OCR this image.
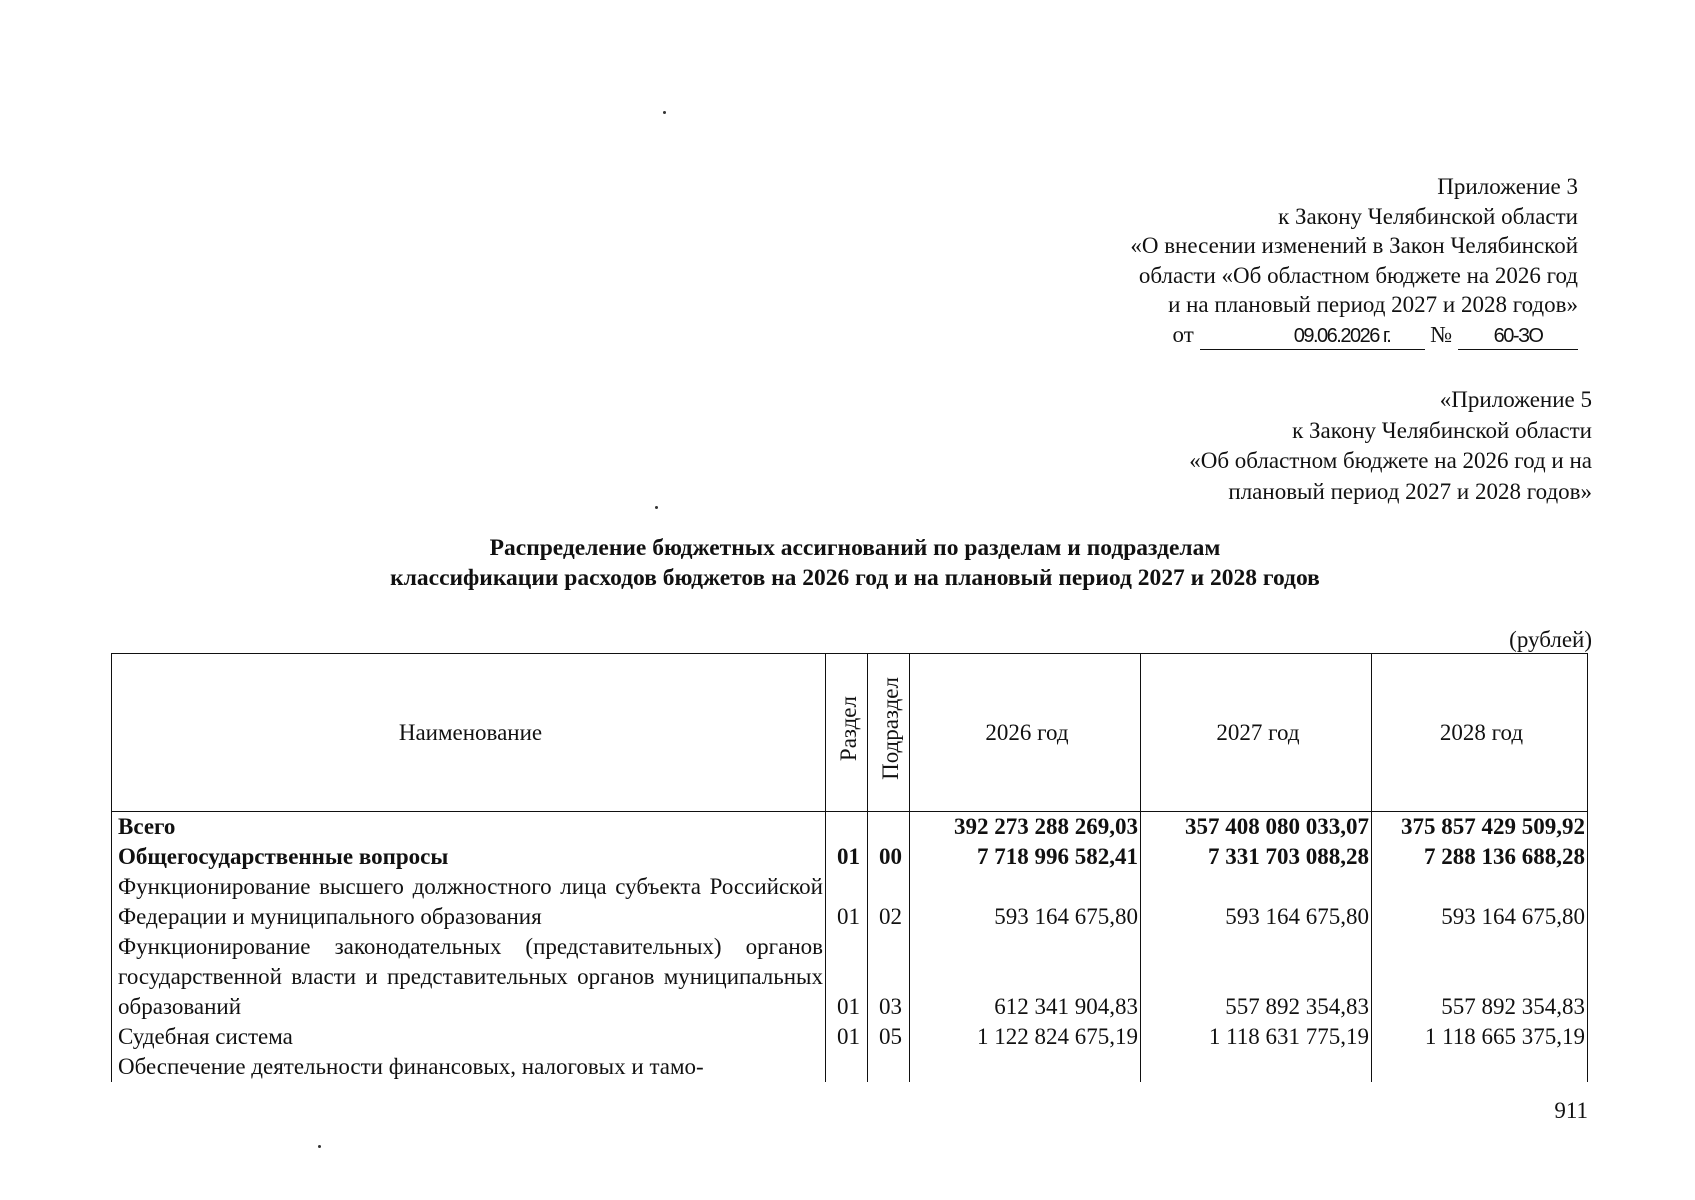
Приложение 3
к Закону Челябинской области
«О внесении изменений в Закон Челябинской
области «Об областном бюджете на 2026 год
и на плановый период 2027 и 2028 годов»
от	09.06.2026 г. № 60-ЗО
«Приложение 5
к Закону Челябинской области
«Об областном бюджете на 2026 год и на
плановый период 2027 и 2028 годов»
Распределение бюджетных ассигнований по разделам и подразделам
классификации расходов бюджетов на 2026 год и на плановый период 2027 и 2028 годов
(рублей)
Наименование	Раздел	Подраздел	2026 год	2027 год	2028 год
Всего			392 273 288 269,03	357 408 080 033,07	375 857 429 509,92
Общегосударственные вопросы	01	00	7 718 996 582,41	7 331 703 088,28	7 288 136 688,28
Функционирование высшего должностного лица субъекта Российской Федерации и муниципального образования	01	02	593 164 675,80	593 164 675,80	593 164 675,80
Функционирование законодательных (представительных) органов государственной власти и представительных органов муниципальных образований	01	03	612 341 904,83	557 892 354,83	557 892 354,83
Судебная система	01	05	1 122 824 675,19	1 118 631 775,19	1 118 665 375,19
Обеспечение деятельности финансовых, налоговых и тамо-					
911
